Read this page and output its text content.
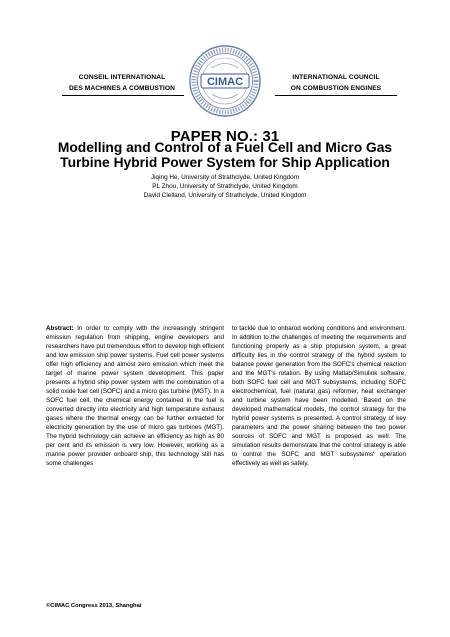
CONSEIL INTERNATIONAL
DES MACHINES A COMBUSTION
CIMAC	INTERNATIONAL COUNCIL
ON COMBUSTION ENGINES
PAPER NO.: 31
Modelling and Control of a Fuel Cell and Micro Gas
Turbine Hybrid Power System for Ship Application
Jiqing He, University of Strathclyde, United Kingdom
PL Zhou, University of Strathclyde, United Kingdom
David Clelland, University of Strathclyde, United Kingdom
Abstract: In order to comply with the increasingly stringent emission regulation from shipping, engine developers and researchers have put tremendous effort to develop high efficient and low emission ship power systems. Fuel cell power systems offer high efficiency and almost zero emission which meet the target of marine power system development. This paper presents a hybrid ship power system with the combination of a solid oxide fuel cell (SOFC) and a micro gas turbine (MGT). In a SOFC fuel cell, the chemical energy contained in the fuel is converted directly into electricity and high temperature exhaust gases where the thermal energy can be further extracted for electricity generation by the use of micro gas turbines (MGT). The hybrid technology can achieve an efficiency as high as 80 per cent and its emission is very low. However, working as a marine power provider onboard ship, this technology still has some challenges
to tackle due to onbarod working conditions and environment. In addition to the challenges of meeting the requirements and functioning properly as a ship propulsion system, a great difficulty lies in the control strategy of the hybrid system to balance power generation from the SOFC's chemical reaction and the MGT's rotation. By using Matlab/Simulink software, both SOFC fuel cell and MGT subsystems, including SOFC electrochemical, fuel (natural gas) reformer, heat exchanger and turbine system have been modelled. Based on the developed mathematical models, the control strategy for the hybrid power systems is presented. A control strategy of key parameters and the power sharing between the two power sources of SOFC and MGT is proposed as well. The simulation results demonstrate that the control strategy is able to control the SOFC and MGT subsystems' operation effectively as well as safely.
©CIMAC Congress 2013, Shanghai
